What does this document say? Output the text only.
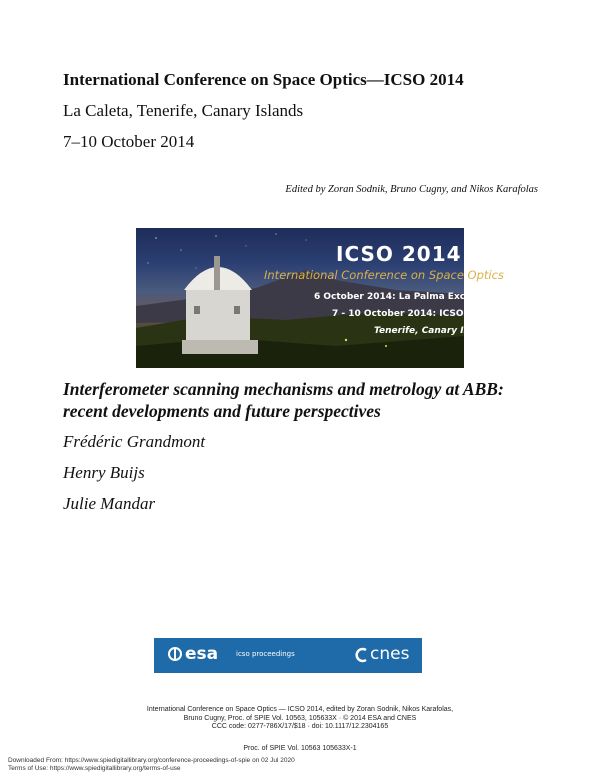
International Conference on Space Optics—ICSO 2014
La Caleta, Tenerife, Canary Islands
7–10 October 2014
Edited by Zoran Sodnik, Bruno Cugny, and Nikos Karafolas
ICSO 2014
International Conference on Space Optics
6 October 2014: La Palma Excursion
7 - 10 October 2014: ICSO 2014
Tenerife, Canary Islands
Interferometer scanning mechanisms and metrology at ABB:
recent developments and future perspectives
Frédéric Grandmont
Henry Buijs
Julie Mandar
esa	icso proceedings	cnes
International Conference on Space Optics — ICSO 2014, edited by Zoran Sodnik, Nikos Karafolas,
Bruno Cugny, Proc. of SPIE Vol. 10563, 105633X · © 2014 ESA and CNES
CCC code: 0277-786X/17/$18 · doi: 10.1117/12.2304165
Proc. of SPIE Vol. 10563 105633X-1
Downloaded From: https://www.spiedigitallibrary.org/conference-proceedings-of-spie on 02 Jul 2020
Terms of Use: https://www.spiedigitallibrary.org/terms-of-use
